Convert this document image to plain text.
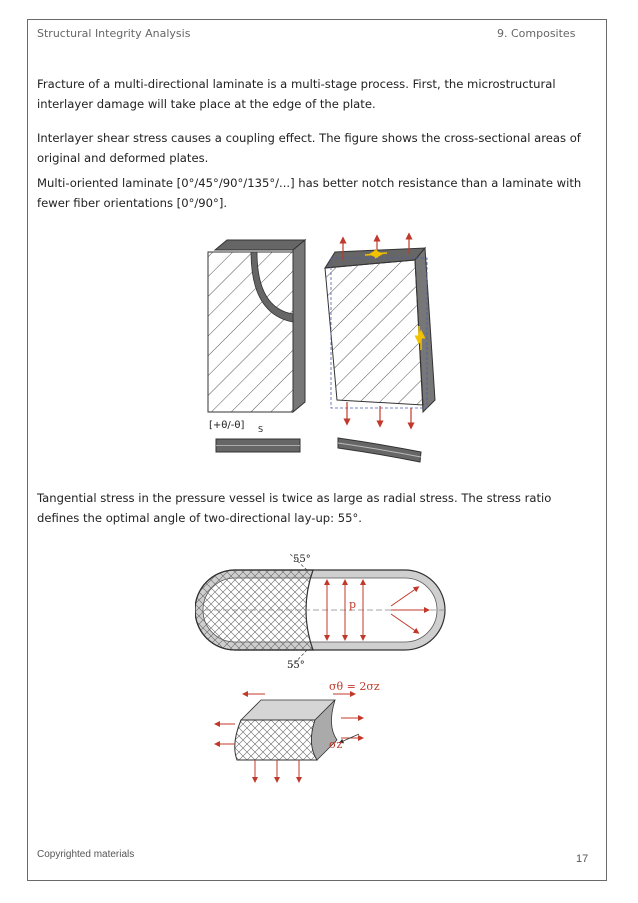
Structural Integrity Analysis	9. Composites
Fracture of a multi-directional laminate is a multi-stage process. First, the microstructural interlayer damage will take place at the edge of the plate.
Interlayer shear stress causes a coupling effect. The figure shows the cross-sectional areas of original and deformed plates.
Multi-oriented laminate [0°/45°/90°/135°/...] has better notch resistance than a laminate with fewer fiber orientations [0°/90°].
[+θ/-θ] S
Tangential stress in the pressure vessel is twice as large as radial stress. The stress ratio defines the optimal angle of two-directional lay-up: 55°.
55°
55°
p
σθ = 2σz
σz
Copyrighted materials	17
